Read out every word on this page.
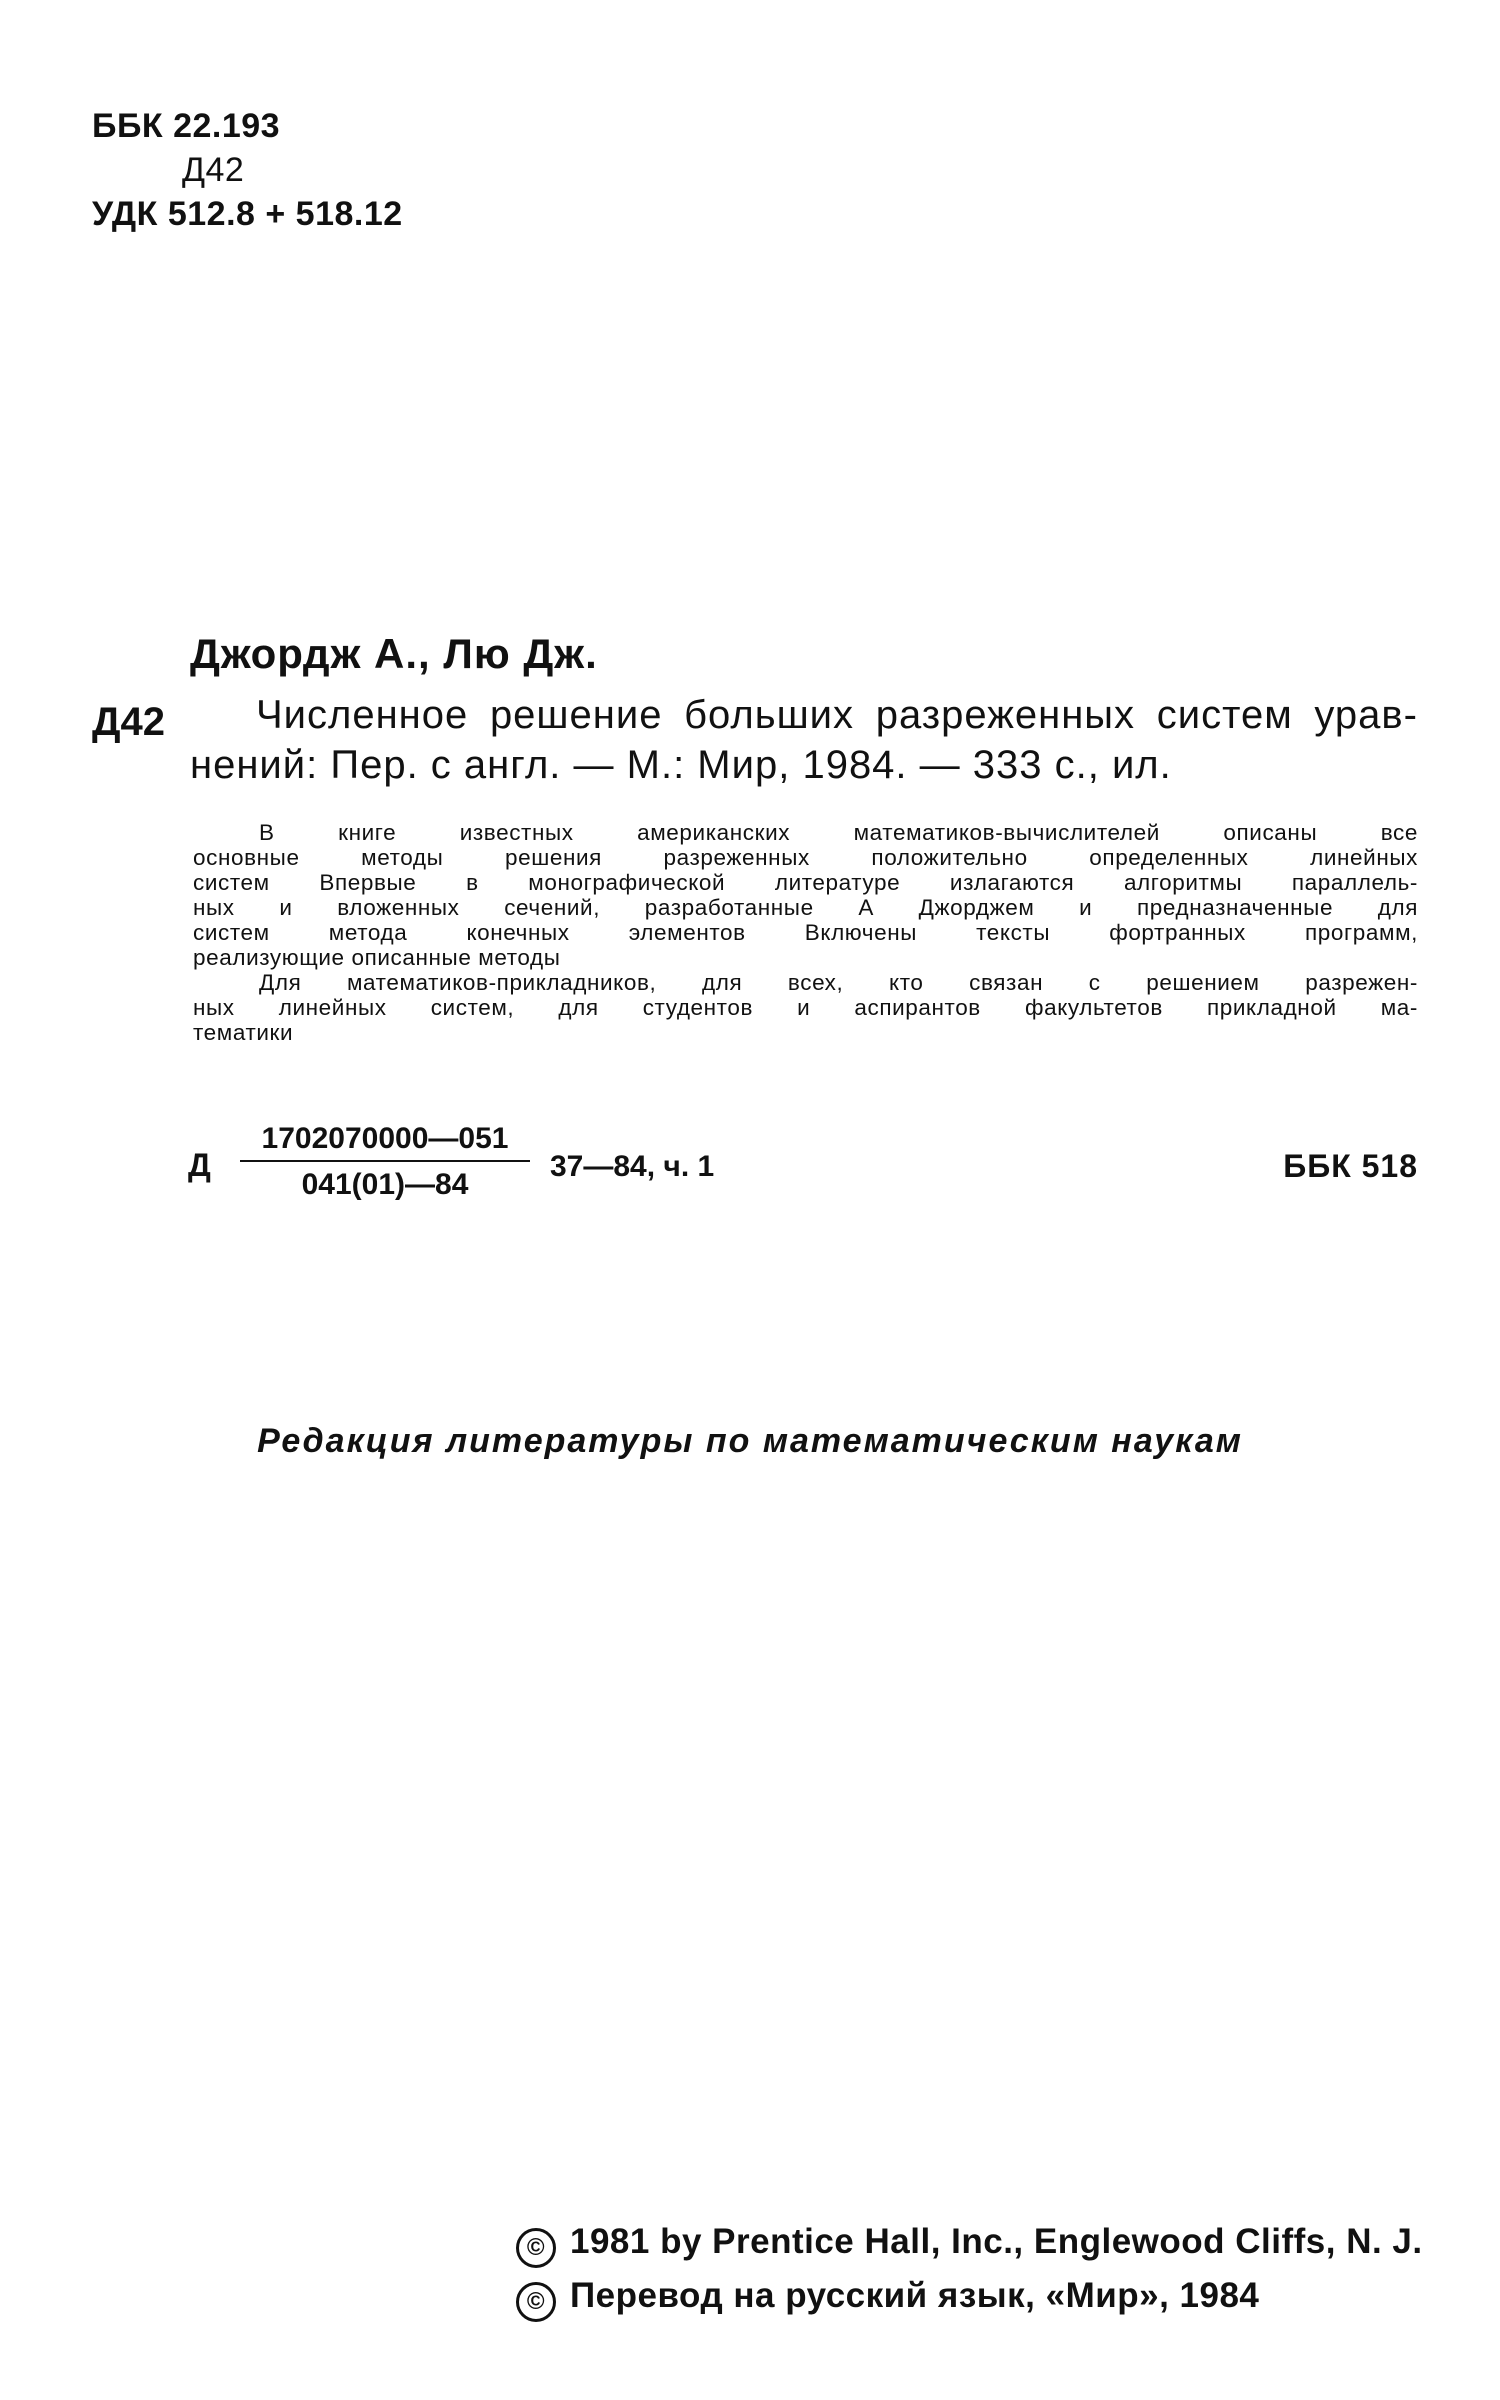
ББК 22.193
Д42
УДК 512.8 + 518.12
Джордж А., Лю Дж.
Д42	Численное решение больших разреженных систем урав-
нений: Пер. с англ. — М.: Мир, 1984. — 333 с., ил.

В книге известных американских математиков-вычислителей описаны все

основные методы решения разреженных положительно определенных линейных

систем Впервые в монографической литературе излагаются алгоритмы параллель-

ных и вложенных сечений, разработанные А Джорджем и предназначенные для

систем метода конечных элементов Включены тексты фортранных программ,

реализующие описанные методы

Для математиков-прикладников, для всех, кто связан с решением разрежен-

ных линейных систем, для студентов и аспирантов факультетов прикладной ма-

тематики

Д
1702070000—051
041(01)—84
37—84, ч. 1	ББК 518
Редакция литературы по математическим наукам
© 1981 by Prentice Hall, Inc., Englewood Cliffs, N. J.
© Перевод на русский язык, «Мир», 1984
